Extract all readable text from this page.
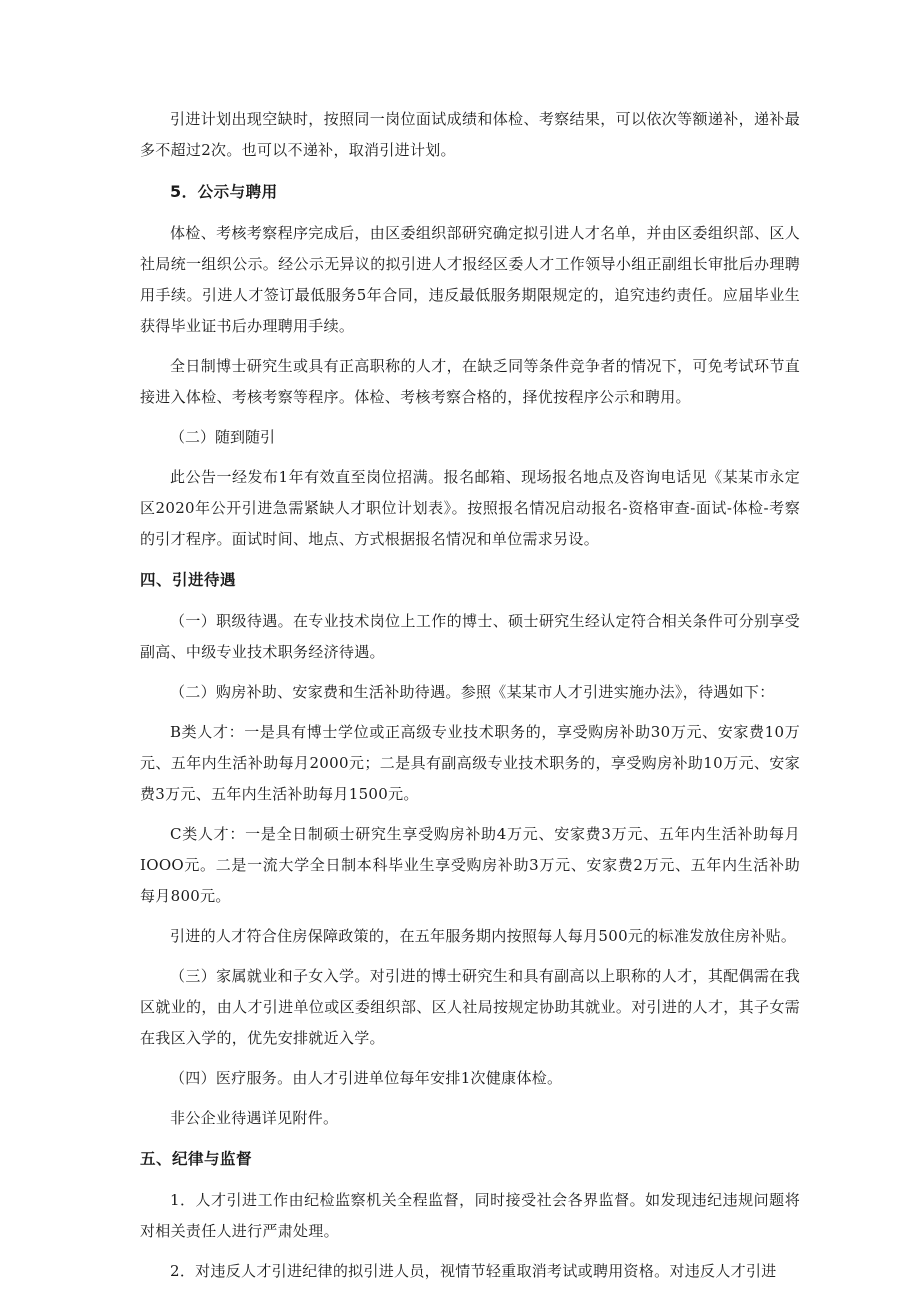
引进计划出现空缺时，按照同一岗位面试成绩和体检、考察结果，可以依次等额递补，递补最多不超过2次。也可以不递补，取消引进计划。

5．公示与聘用

体检、考核考察程序完成后，由区委组织部研究确定拟引进人才名单，并由区委组织部、区人社局统一组织公示。经公示无异议的拟引进人才报经区委人才工作领导小组正副组长审批后办理聘用手续。引进人才签订最低服务5年合同，违反最低服务期限规定的，追究违约责任。应届毕业生获得毕业证书后办理聘用手续。

全日制博士研究生或具有正高职称的人才，在缺乏同等条件竞争者的情况下，可免考试环节直接进入体检、考核考察等程序。体检、考核考察合格的，择优按程序公示和聘用。

（二）随到随引

此公告一经发布1年有效直至岗位招满。报名邮箱、现场报名地点及咨询电话见《某某市永定区2020年公开引进急需紧缺人才职位计划表》。按照报名情况启动报名-资格审查-面试-体检-考察的引才程序。面试时间、地点、方式根据报名情况和单位需求另设。

四、引进待遇

（一）职级待遇。在专业技术岗位上工作的博士、硕士研究生经认定符合相关条件可分别享受副高、中级专业技术职务经济待遇。

（二）购房补助、安家费和生活补助待遇。参照《某某市人才引进实施办法》，待遇如下：

B类人才：一是具有博士学位或正高级专业技术职务的，享受购房补助30万元、安家费10万元、五年内生活补助每月2000元；二是具有副高级专业技术职务的，享受购房补助10万元、安家费3万元、五年内生活补助每月1500元。

C类人才：一是全日制硕士研究生享受购房补助4万元、安家费3万元、五年内生活补助每月IOOO元。二是一流大学全日制本科毕业生享受购房补助3万元、安家费2万元、五年内生活补助每月800元。

引进的人才符合住房保障政策的，在五年服务期内按照每人每月500元的标准发放住房补贴。

（三）家属就业和子女入学。对引进的博士研究生和具有副高以上职称的人才，其配偶需在我区就业的，由人才引进单位或区委组织部、区人社局按规定协助其就业。对引进的人才，其子女需在我区入学的，优先安排就近入学。

（四）医疗服务。由人才引进单位每年安排1次健康体检。

非公企业待遇详见附件。

五、纪律与监督

1．人才引进工作由纪检监察机关全程监督，同时接受社会各界监督。如发现违纪违规问题将对相关责任人进行严肃处理。

2．对违反人才引进纪律的拟引进人员，视情节轻重取消考试或聘用资格。对违反人才引进
